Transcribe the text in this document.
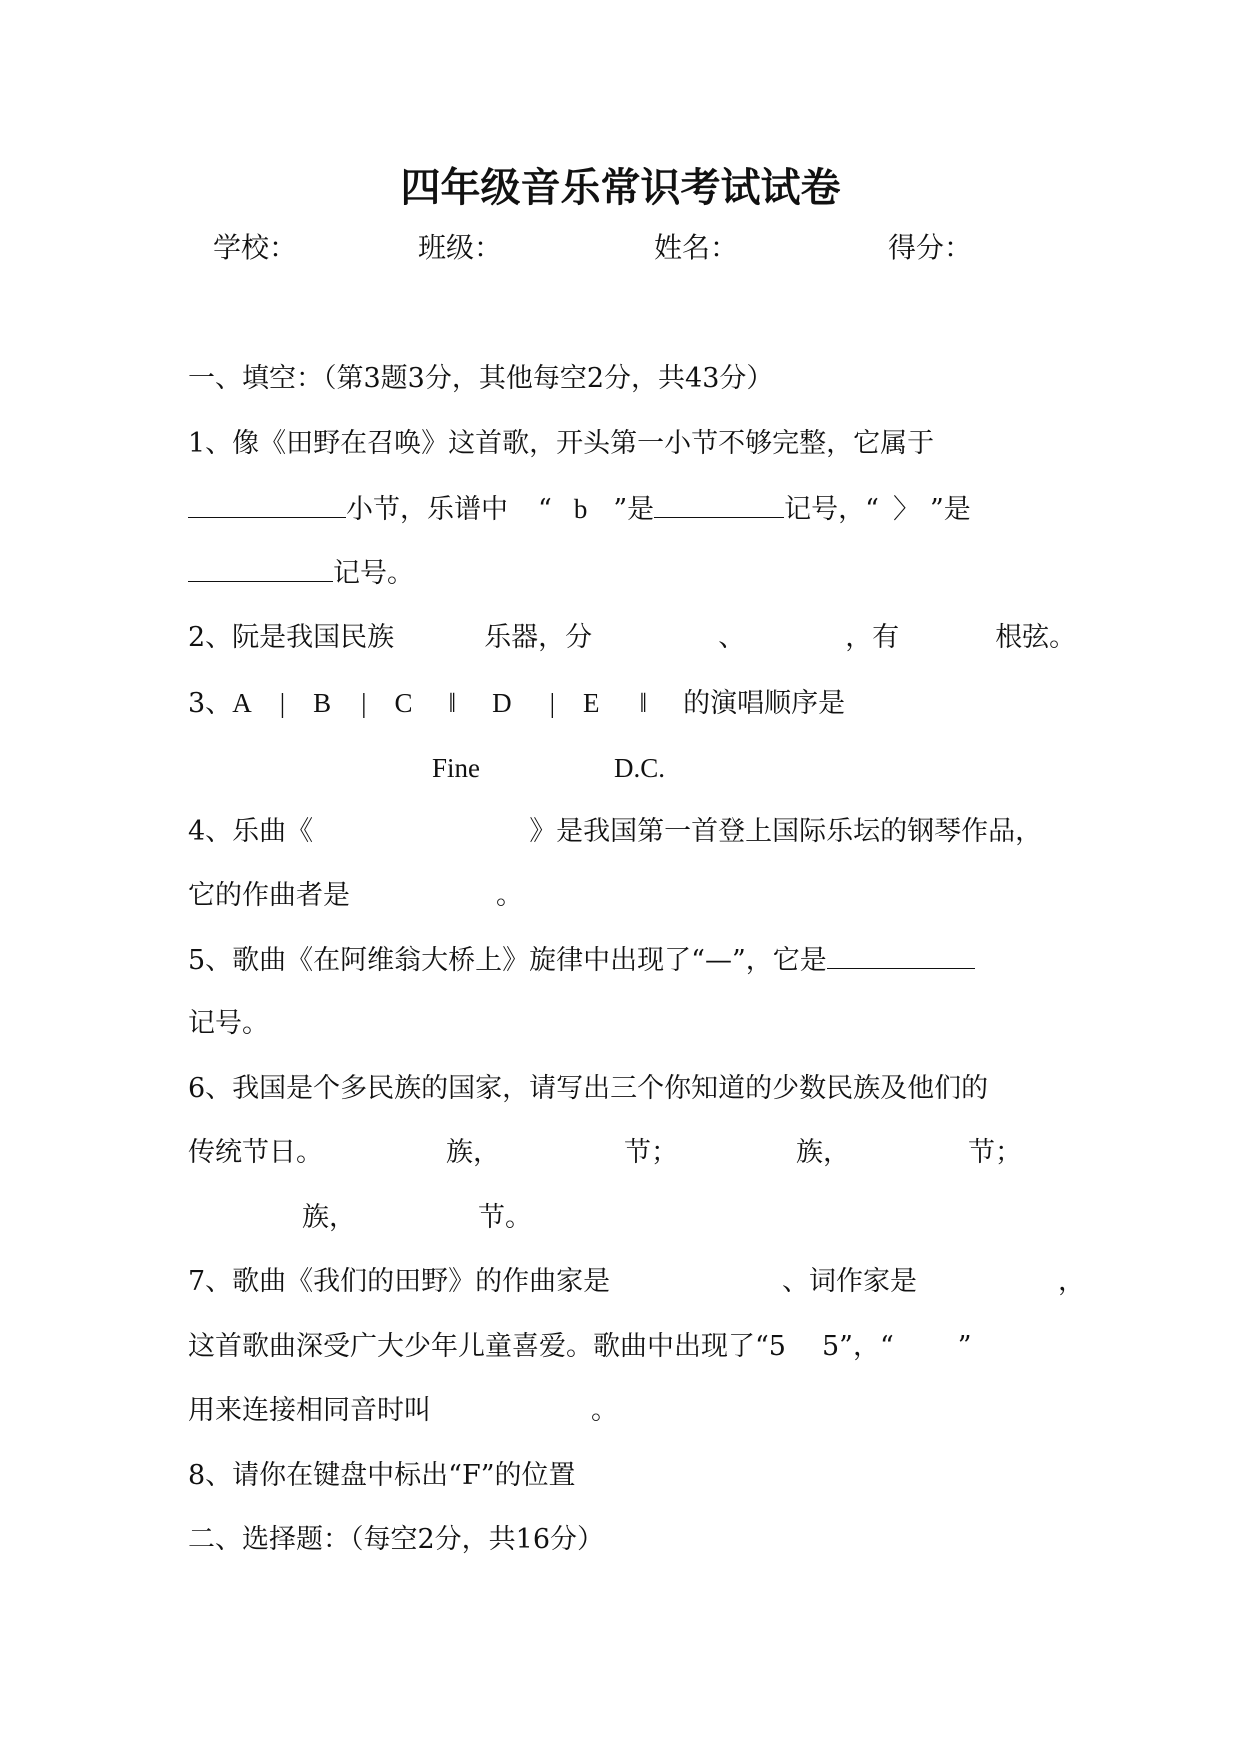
四年级音乐常识考试试卷
学校：	班级：	姓名：	得分：
一、填空：（第3题3分，其他每空2分，共43分）
1、像《田野在召唤》这首歌，开头第一小节不够完整，它属于
小节，乐谱中 “ b ”是	记号，“ 〉 ”是
记号。
2、阮是我国民族	乐器，分	、	，有	根弦。
3、A | B | C ‖ D | E ‖ 的演唱顺序是
Fine	D.C.
4、乐曲《	》是我国第一首登上国际乐坛的钢琴作品，
它的作曲者是	。
5、歌曲《在阿维翁大桥上》旋律中出现了“—”，它是
记号。
6、我国是个多民族的国家，请写出三个你知道的少数民族及他们的
传统节日。	族，	节；	族，	节；
族，	节。
7、歌曲《我们的田野》的作曲家是	、词作家是	，
这首歌曲深受广大少年儿童喜爱。歌曲中出现了“5 5”，“ ”
用来连接相同音时叫	。
8、请你在键盘中标出“F”的位置
二、选择题：（每空2分，共16分）
